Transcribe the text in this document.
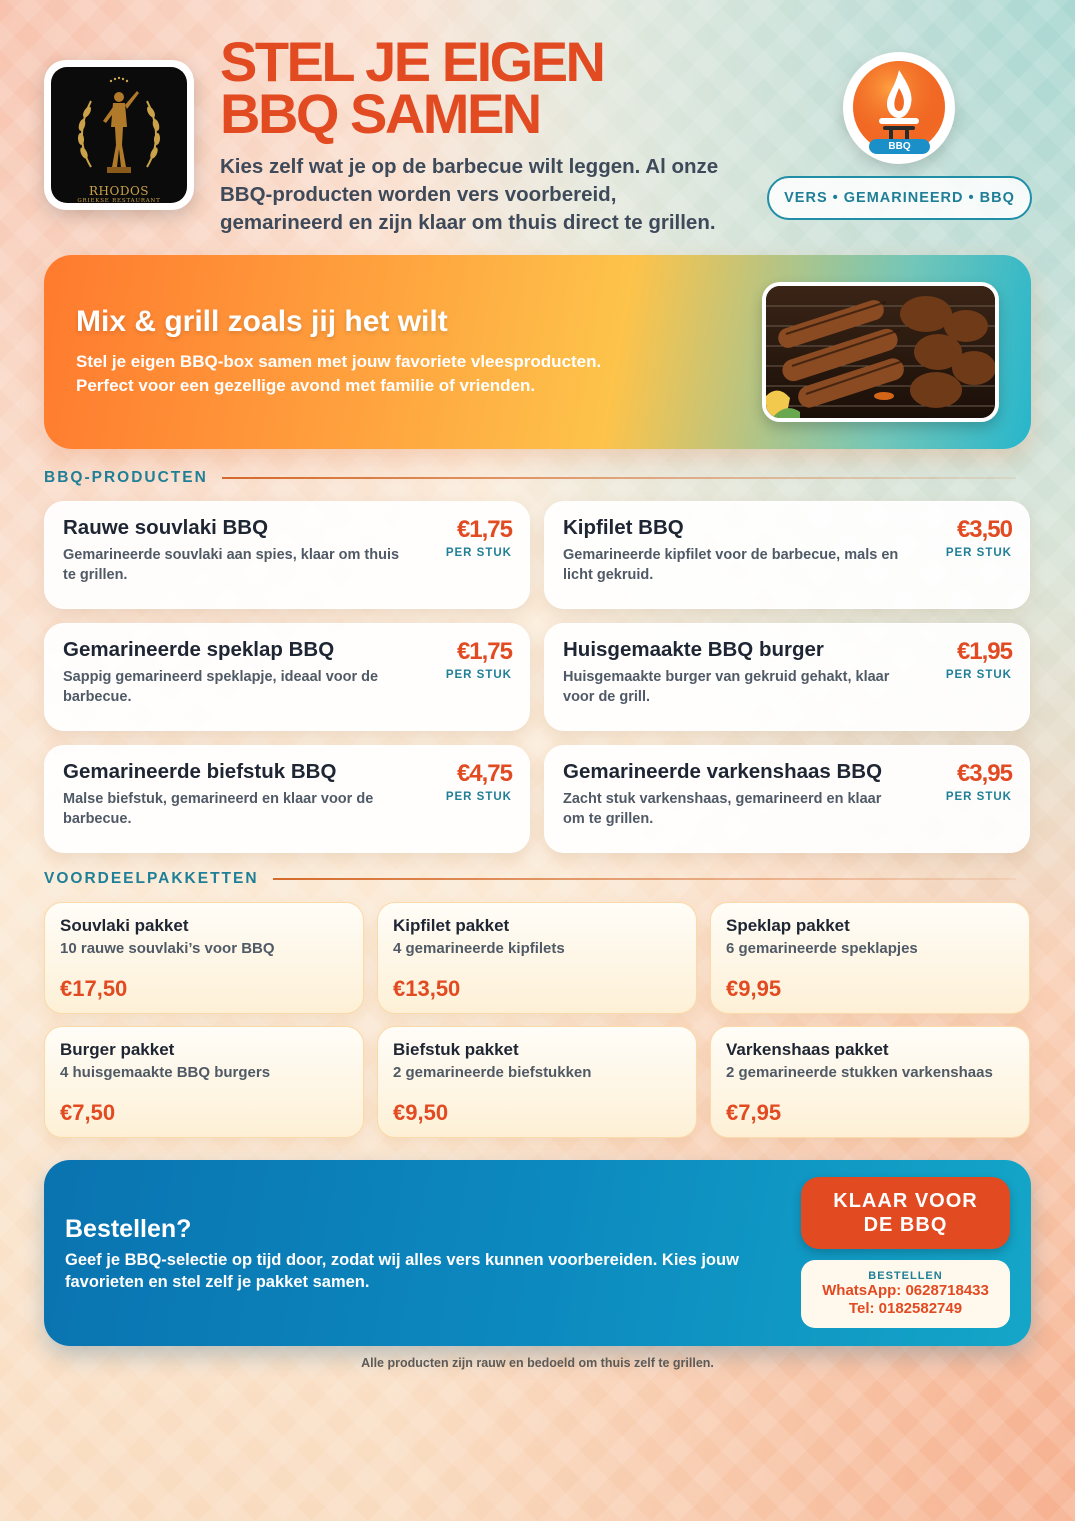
RHODOS
GRIEKSE RESTAURANT
STEL JE EIGEN
BBQ SAMEN
Kies zelf wat je op de barbecue wilt leggen. Al onze BBQ-producten worden vers voorbereid, gemarineerd en zijn klaar om thuis direct te grillen.
BBQ
VERS • GEMARINEERD • BBQ
Mix & grill zoals jij het wilt
Stel je eigen BBQ-box samen met jouw favoriete vleesproducten.
Perfect voor een gezellige avond met familie of vrienden.
BBQ-PRODUCTEN
Rauwe souvlaki BBQ
Gemarineerde souvlaki aan spies, klaar om thuis te grillen.
€1,75
PER STUK
Kipfilet BBQ
Gemarineerde kipfilet voor de barbecue, mals en licht gekruid.
€3,50
PER STUK
Gemarineerde speklap BBQ
Sappig gemarineerd speklapje, ideaal voor de barbecue.
€1,75
PER STUK
Huisgemaakte BBQ burger
Huisgemaakte burger van gekruid gehakt, klaar voor de grill.
€1,95
PER STUK
Gemarineerde biefstuk BBQ
Malse biefstuk, gemarineerd en klaar voor de barbecue.
€4,75
PER STUK
Gemarineerde varkenshaas BBQ
Zacht stuk varkenshaas, gemarineerd en klaar om te grillen.
€3,95
PER STUK
VOORDEELPAKKETTEN
Souvlaki pakket
10 rauwe souvlaki’s voor BBQ
€17,50
Kipfilet pakket
4 gemarineerde kipfilets
€13,50
Speklap pakket
6 gemarineerde speklapjes
€9,95
Burger pakket
4 huisgemaakte BBQ burgers
€7,50
Biefstuk pakket
2 gemarineerde biefstukken
€9,50
Varkenshaas pakket
2 gemarineerde stukken varkenshaas
€7,95
Bestellen?
Geef je BBQ-selectie op tijd door, zodat wij alles vers kunnen voorbereiden. Kies jouw favorieten en stel zelf je pakket samen.
KLAAR VOOR
DE BBQ
BESTELLEN
WhatsApp: 0628718433
Tel: 0182582749
Alle producten zijn rauw en bedoeld om thuis zelf te grillen.
